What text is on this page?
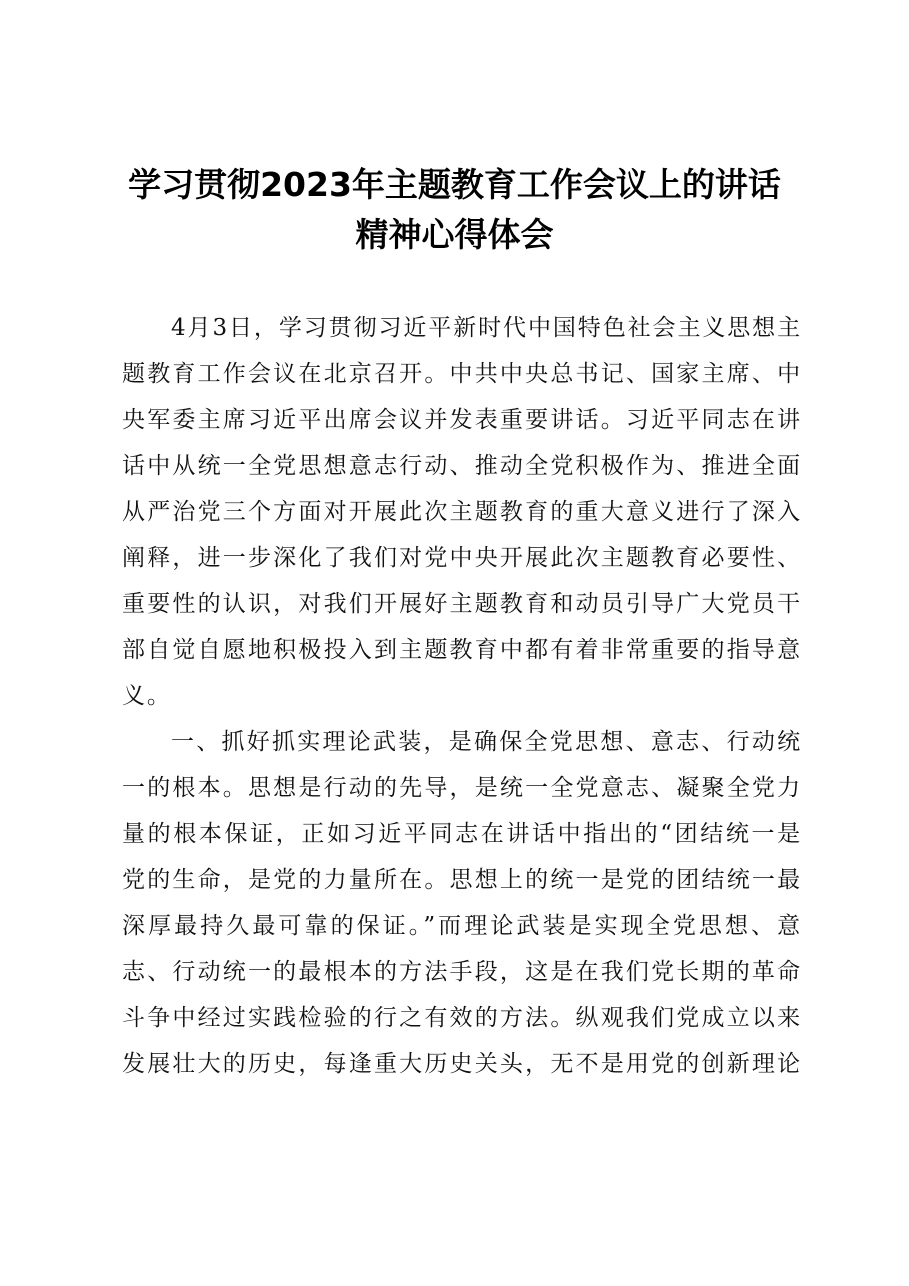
学习贯彻2023年主题教育工作会议上的讲话
精神心得体会
4月3日，学习贯彻习近平新时代中国特色社会主义思想主
题教育工作会议在北京召开。中共中央总书记、国家主席、中
央军委主席习近平出席会议并发表重要讲话。习近平同志在讲
话中从统一全党思想意志行动、推动全党积极作为、推进全面
从严治党三个方面对开展此次主题教育的重大意义进行了深入
阐释，进一步深化了我们对党中央开展此次主题教育必要性、
重要性的认识，对我们开展好主题教育和动员引导广大党员干
部自觉自愿地积极投入到主题教育中都有着非常重要的指导意
义。
一、抓好抓实理论武装，是确保全党思想、意志、行动统
一的根本。思想是行动的先导，是统一全党意志、凝聚全党力
量的根本保证，正如习近平同志在讲话中指出的“团结统一是
党的生命，是党的力量所在。思想上的统一是党的团结统一最
深厚最持久最可靠的保证。”而理论武装是实现全党思想、意
志、行动统一的最根本的方法手段，这是在我们党长期的革命
斗争中经过实践检验的行之有效的方法。纵观我们党成立以来
发展壮大的历史，每逢重大历史关头，无不是用党的创新理论
